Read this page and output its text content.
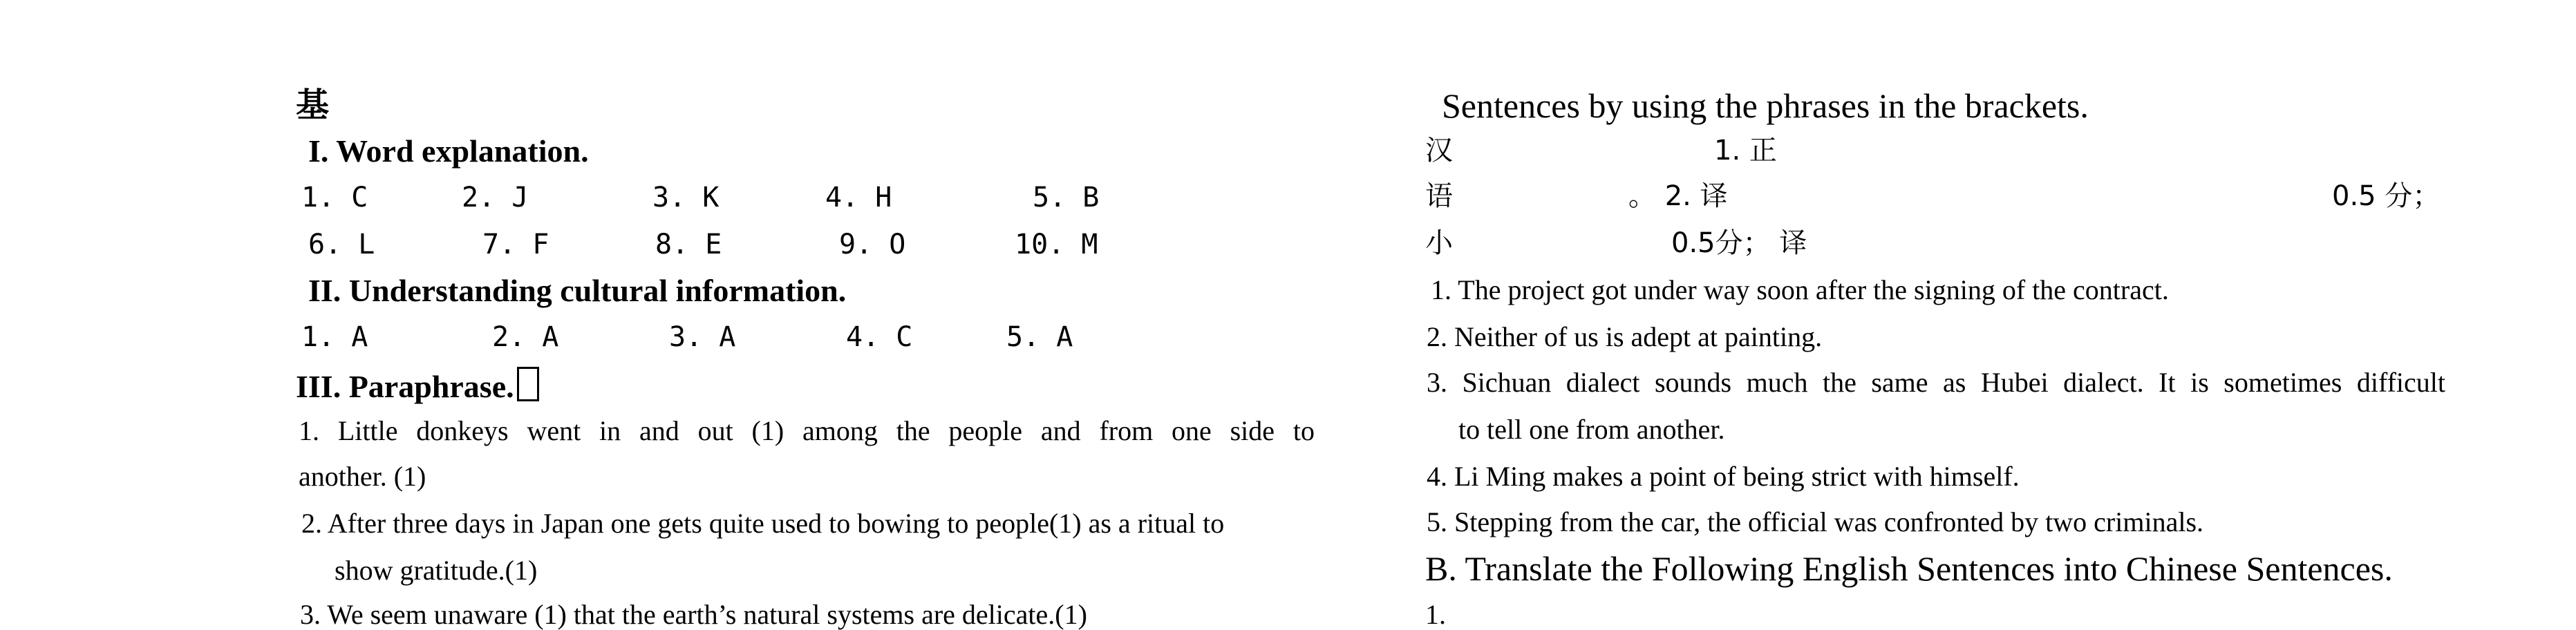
基
I. Word explanation.
1. C	2. J	3. K	4. H	5. B
6. L	7. F	8. E	9. O	10. M
II. Understanding cultural information.
1. A	2. A	3. A	4. C	5. A
III. Paraphrase.
1. Little donkeys went in and out (1) among the people and from one side to
another. (1)
2. After three days in Japan one gets quite used to bowing to people(1) as a ritual to
show gratitude.(1)
3. We seem unaware (1) that the earth’s natural systems are delicate.(1)
Sentences by using the phrases in the brackets.
汉	1. 正
语	。 2. 译	0.5 分；
小	0.5分； 译
1. The project got under way soon after the signing of the contract.
2. Neither of us is adept at painting.
3. Sichuan dialect sounds much the same as Hubei dialect. It is sometimes difficult
to tell one from another.
4. Li Ming makes a point of being strict with himself.
5. Stepping from the car, the official was confronted by two criminals.
B. Translate the Following English Sentences into Chinese Sentences.
1.
